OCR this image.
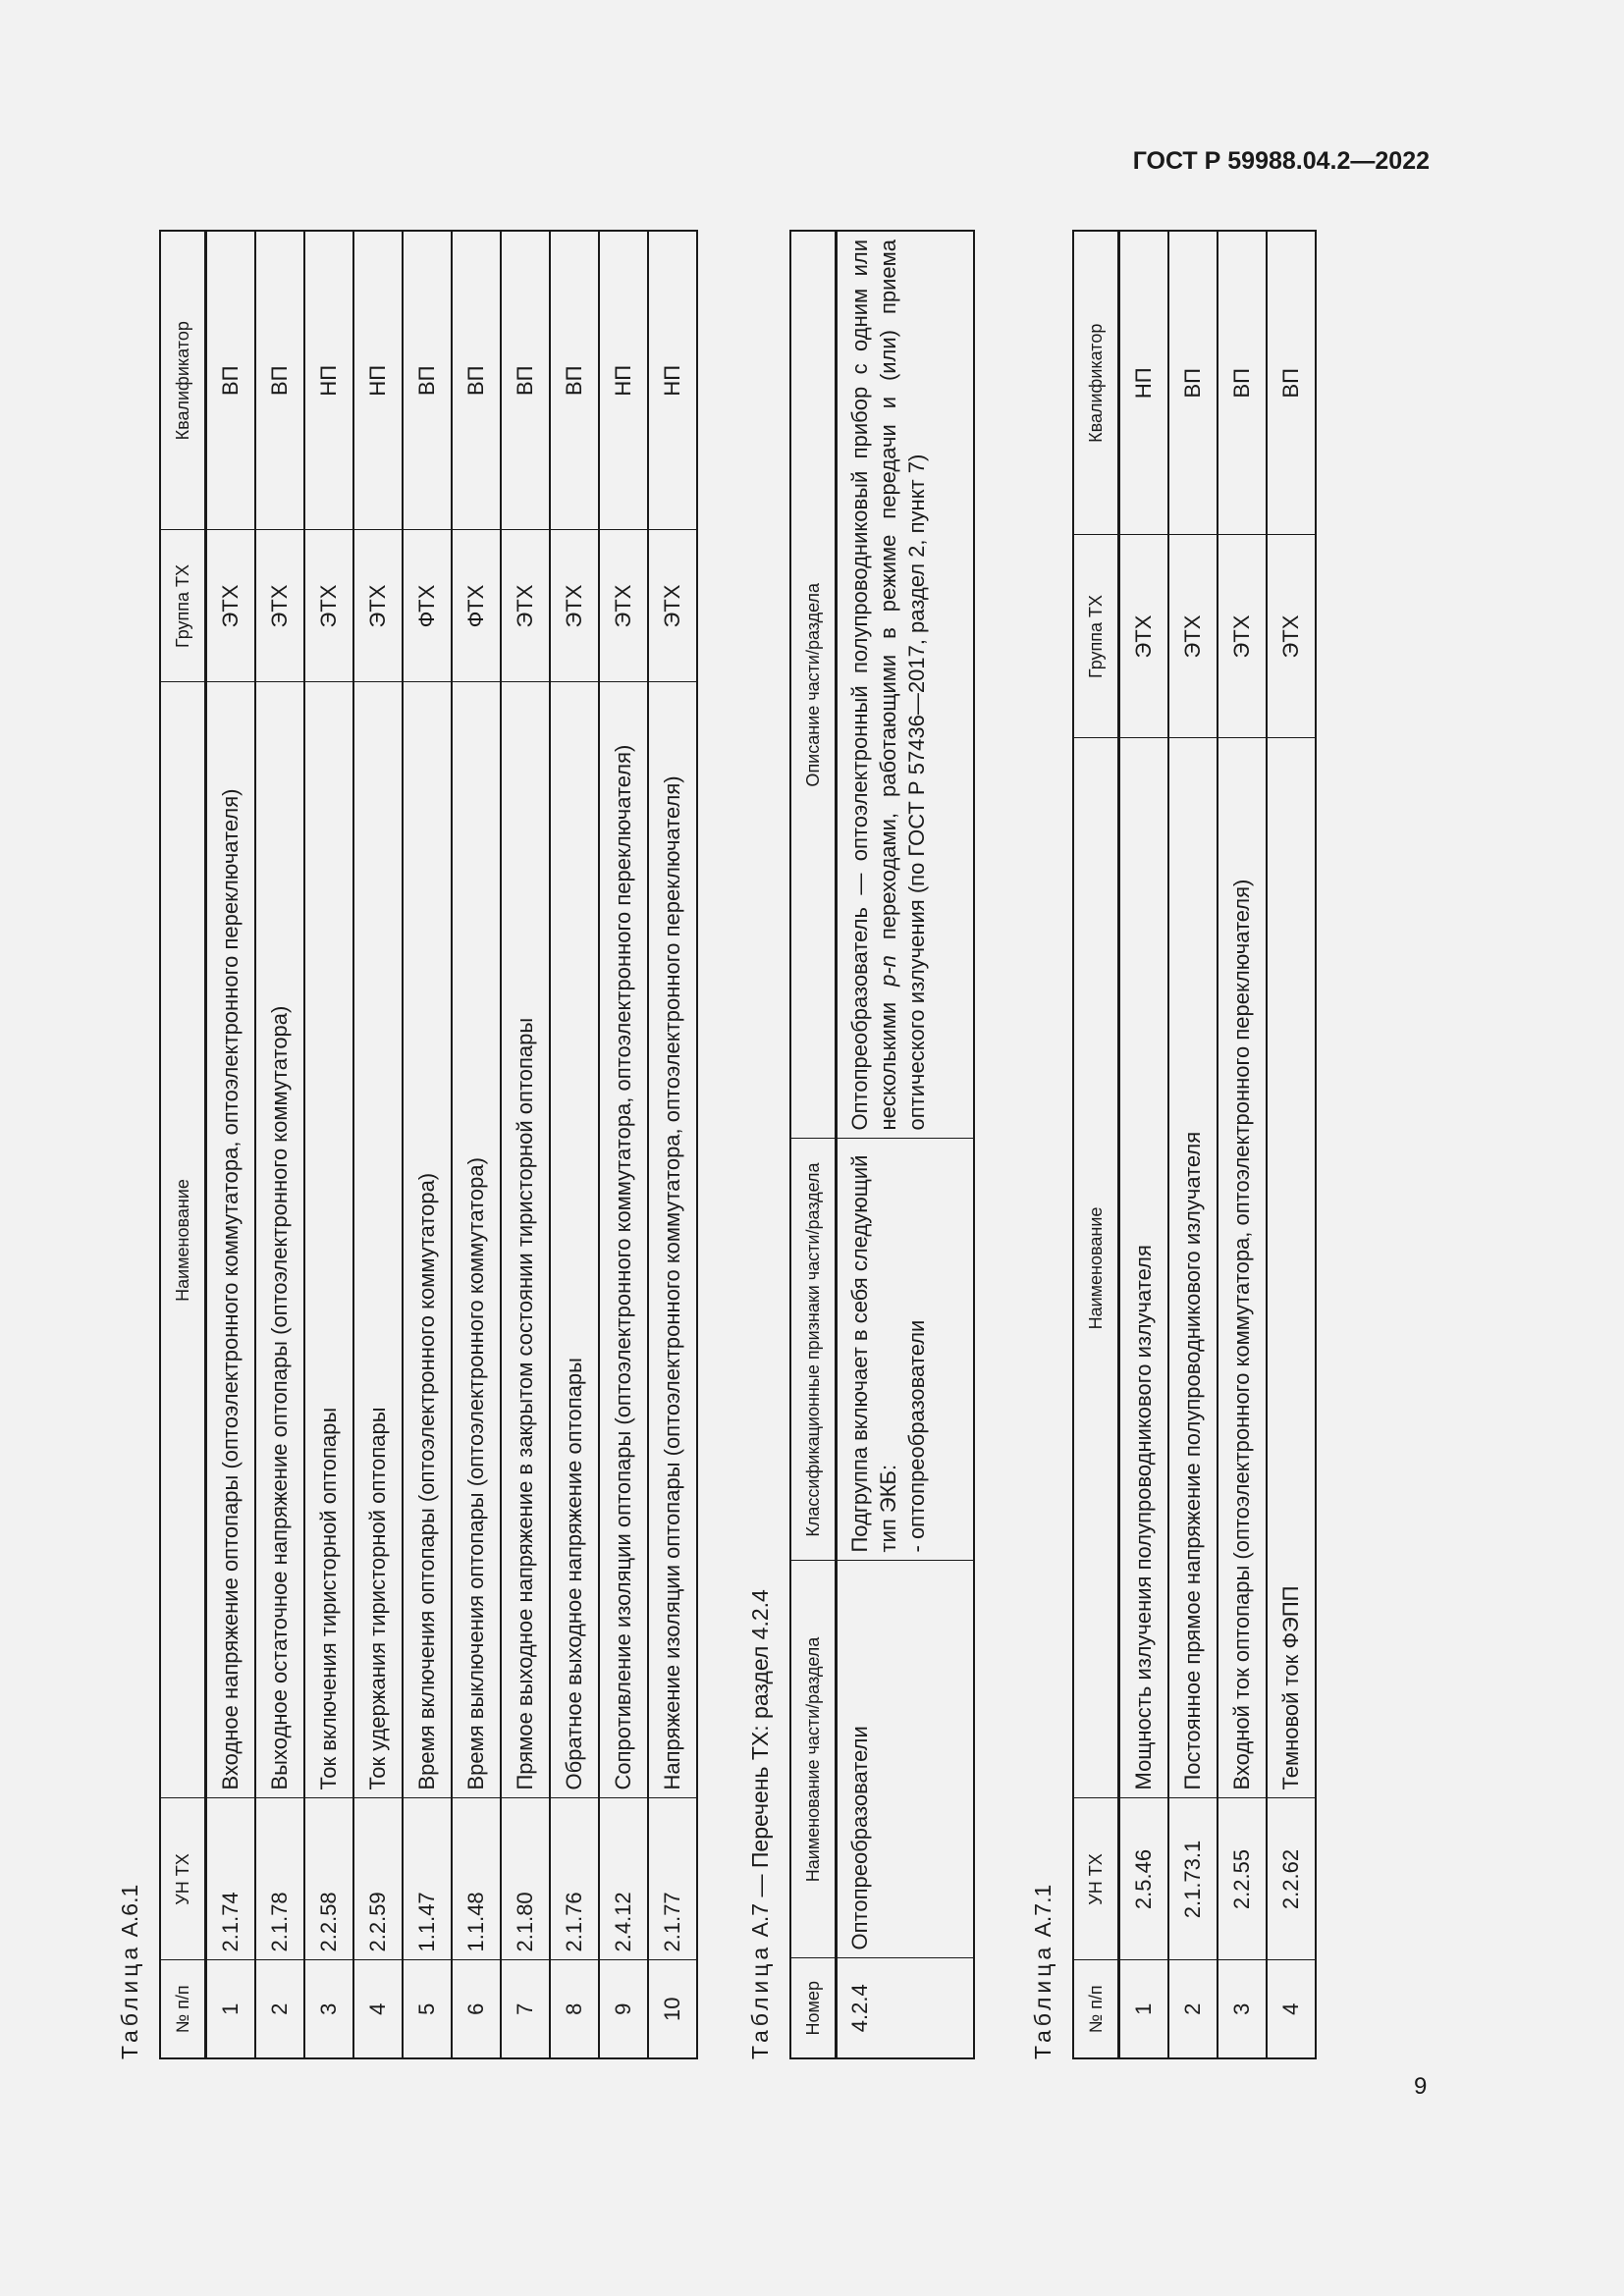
ГОСТ Р 59988.04.2—2022
Таблица А.6.1
№ п/п	УН ТХ	Наименование	Группа ТХ	Квалификатор
1	2.1.74	Входное напряжение оптопары (оптоэлектронного коммутатора, оптоэлектронного переключателя)	ЭТХ	ВП
2	2.1.78	Выходное остаточное напряжение оптопары (оптоэлектронного коммутатора)	ЭТХ	ВП
3	2.2.58	Ток включения тиристорной оптопары	ЭТХ	НП
4	2.2.59	Ток удержания тиристорной оптопары	ЭТХ	НП
5	1.1.47	Время включения оптопары (оптоэлектронного коммутатора)	ФТХ	ВП
6	1.1.48	Время выключения оптопары (оптоэлектронного коммутатора)	ФТХ	ВП
7	2.1.80	Прямое выходное напряжение в закрытом состоянии тиристорной оптопары	ЭТХ	ВП
8	2.1.76	Обратное выходное напряжение оптопары	ЭТХ	ВП
9	2.4.12	Сопротивление изоляции оптопары (оптоэлектронного коммутатора, оптоэлектронного переключателя)	ЭТХ	НП
10	2.1.77	Напряжение изоляции оптопары (оптоэлектронного коммутатора, оптоэлектронного переключателя)	ЭТХ	НП
Таблица А.7 — Перечень ТХ: раздел 4.2.4
Номер	Наименование части/раздела	Классификационные признаки части/раздела	Описание части/раздела
4.2.4	Оптопреобразователи	Подгруппа включает в себя следующий тип ЭКБ: - оптопреобразователи	Оптопреобразователь — оптоэлектронный полупроводниковый прибор с одним или несколькими p-n переходами, работающими в режиме передачи и (или) приема оптического излучения (по ГОСТ Р 57436—2017, раздел 2, пункт 7)
Таблица А.7.1
№ п/п	УН ТХ	Наименование	Группа ТХ	Квалификатор
1	2.5.46	Мощность излучения полупроводникового излучателя	ЭТХ	НП
2	2.1.73.1	Постоянное прямое напряжение полупроводникового излучателя	ЭТХ	ВП
3	2.2.55	Входной ток оптопары (оптоэлектронного коммутатора, оптоэлектронного переключателя)	ЭТХ	ВП
4	2.2.62	Темновой ток ФЭПП	ЭТХ	ВП
9
